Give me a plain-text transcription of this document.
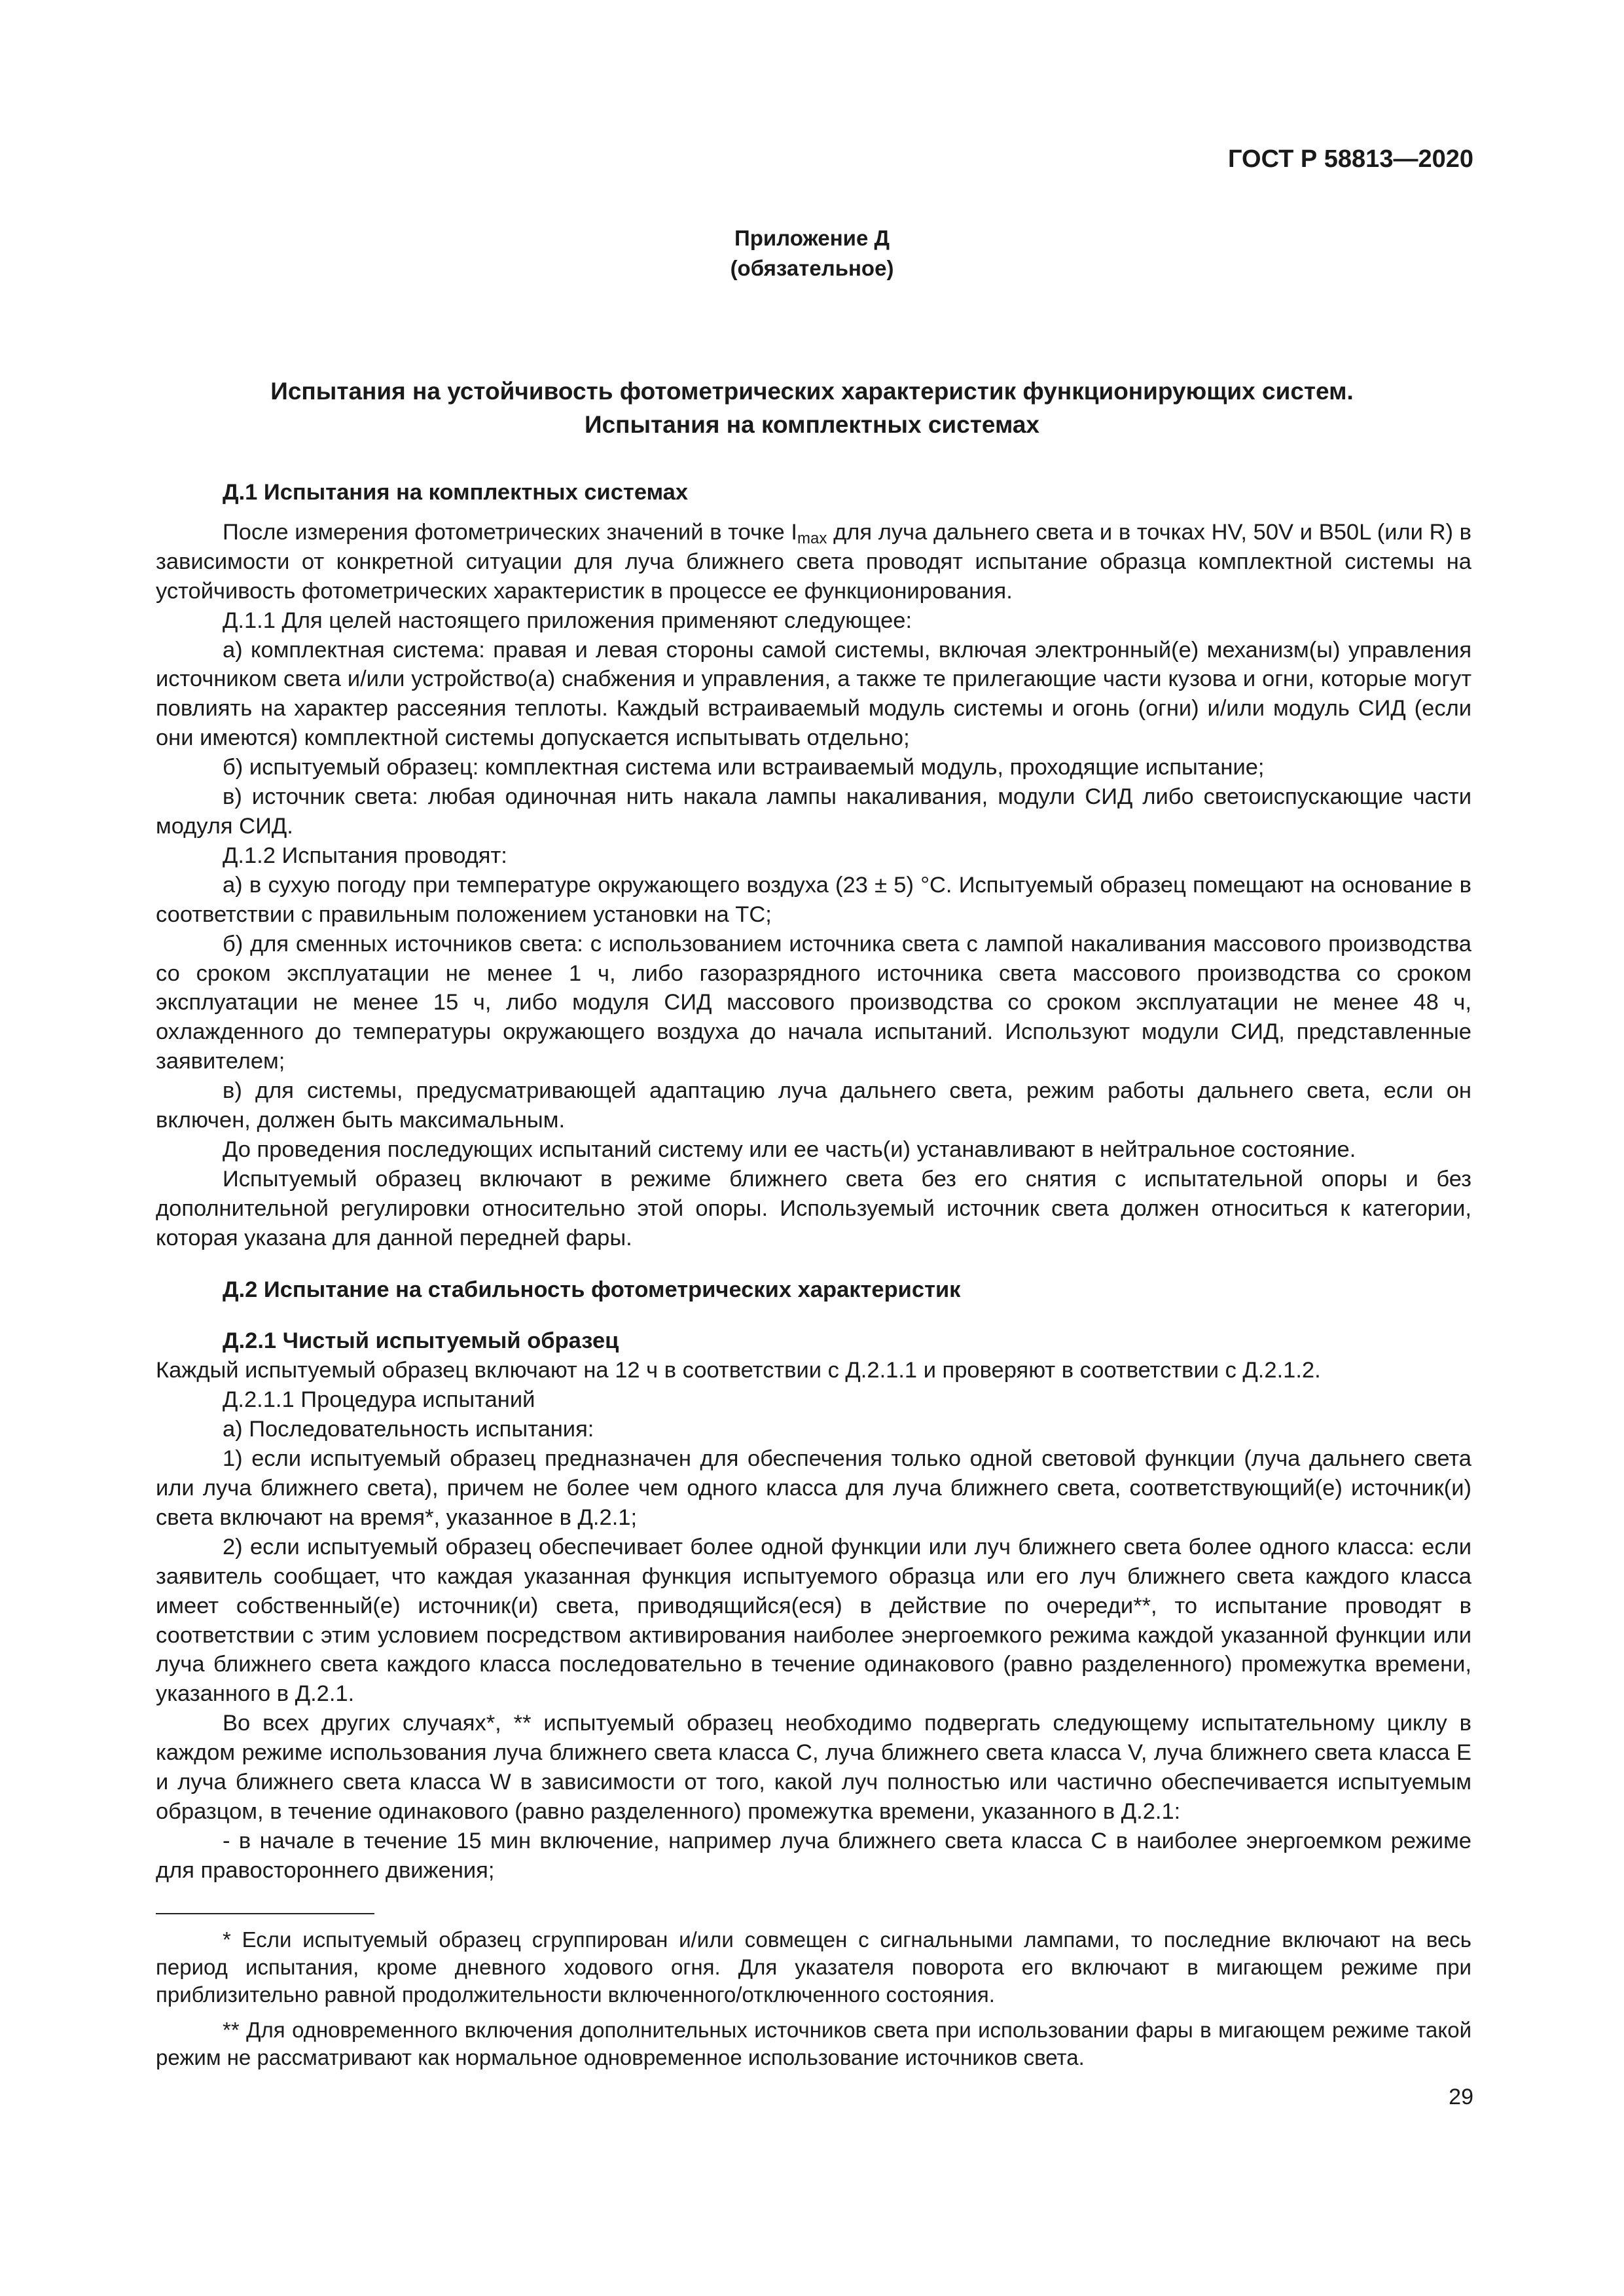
ГОСТ Р 58813—2020
Приложение Д
(обязательное)
Испытания на устойчивость фотометрических характеристик функционирующих систем.
Испытания на комплектных системах

Д.1 Испытания на комплектных системах

После измерения фотометрических значений в точке $I_{max}$ для луча дальнего света и в точках HV, 50V и B50L (или R) в зависимости от конкретной ситуации для луча ближнего света проводят испытание образца комплектной системы на устойчивость фотометрических характеристик в процессе ее функционирования.

Д.1.1 Для целей настоящего приложения применяют следующее:

а) комплектная система: правая и левая стороны самой системы, включая электронный(е) механизм(ы) управления источником света и/или устройство(а) снабжения и управления, а также те прилегающие части кузова и огни, которые могут повлиять на характер рассеяния теплоты. Каждый встраиваемый модуль системы и огонь (огни) и/или модуль СИД (если они имеются) комплектной системы допускается испытывать отдельно;

б) испытуемый образец: комплектная система или встраиваемый модуль, проходящие испытание;

в) источник света: любая одиночная нить накала лампы накаливания, модули СИД либо светоиспускающие части модуля СИД.

Д.1.2 Испытания проводят:

а) в сухую погоду при температуре окружающего воздуха (23 ± 5) °С. Испытуемый образец помещают на основание в соответствии с правильным положением установки на ТС;

б) для сменных источников света: с использованием источника света с лампой накаливания массового производства со сроком эксплуатации не менее 1 ч, либо газоразрядного источника света массового производства со сроком эксплуатации не менее 15 ч, либо модуля СИД массового производства со сроком эксплуатации не менее 48 ч, охлажденного до температуры окружающего воздуха до начала испытаний. Используют модули СИД, представленные заявителем;

в) для системы, предусматривающей адаптацию луча дальнего света, режим работы дальнего света, если он включен, должен быть максимальным.

До проведения последующих испытаний систему или ее часть(и) устанавливают в нейтральное состояние.

Испытуемый образец включают в режиме ближнего света без его снятия с испытательной опоры и без дополнительной регулировки относительно этой опоры. Используемый источник света должен относиться к категории, которая указана для данной передней фары.

Д.2 Испытание на стабильность фотометрических характеристик

Д.2.1 Чистый испытуемый образец

Каждый испытуемый образец включают на 12 ч в соответствии с Д.2.1.1 и проверяют в соответствии с Д.2.1.2.

Д.2.1.1 Процедура испытаний

а) Последовательность испытания:

1) если испытуемый образец предназначен для обеспечения только одной световой функции (луча дальнего света или луча ближнего света), причем не более чем одного класса для луча ближнего света, соответствующий(е) источник(и) света включают на время*, указанное в Д.2.1;

2) если испытуемый образец обеспечивает более одной функции или луч ближнего света более одного класса: если заявитель сообщает, что каждая указанная функция испытуемого образца или его луч ближнего света каждого класса имеет собственный(е) источник(и) света, приводящийся(еся) в действие по очереди**, то испытание проводят в соответствии с этим условием посредством активирования наиболее энергоемкого режима каждой указанной функции или луча ближнего света каждого класса последовательно в течение одинакового (равно разделенного) промежутка времени, указанного в Д.2.1.

Во всех других случаях*, ** испытуемый образец необходимо подвергать следующему испытательному циклу в каждом режиме использования луча ближнего света класса С, луча ближнего света класса V, луча ближнего света класса Е и луча ближнего света класса W в зависимости от того, какой луч полностью или частично обеспечивается испытуемым образцом, в течение одинакового (равно разделенного) промежутка времени, указанного в Д.2.1:

- в начале в течение 15 мин включение, например луча ближнего света класса С в наиболее энергоемком режиме для правостороннего движения;

* Если испытуемый образец сгруппирован и/или совмещен с сигнальными лампами, то последние включают на весь период испытания, кроме дневного ходового огня. Для указателя поворота его включают в мигающем режиме при приблизительно равной продолжительности включенного/отключенного состояния.

** Для одновременного включения дополнительных источников света при использовании фары в мигающем режиме такой режим не рассматривают как нормальное одновременное использование источников света.

29
